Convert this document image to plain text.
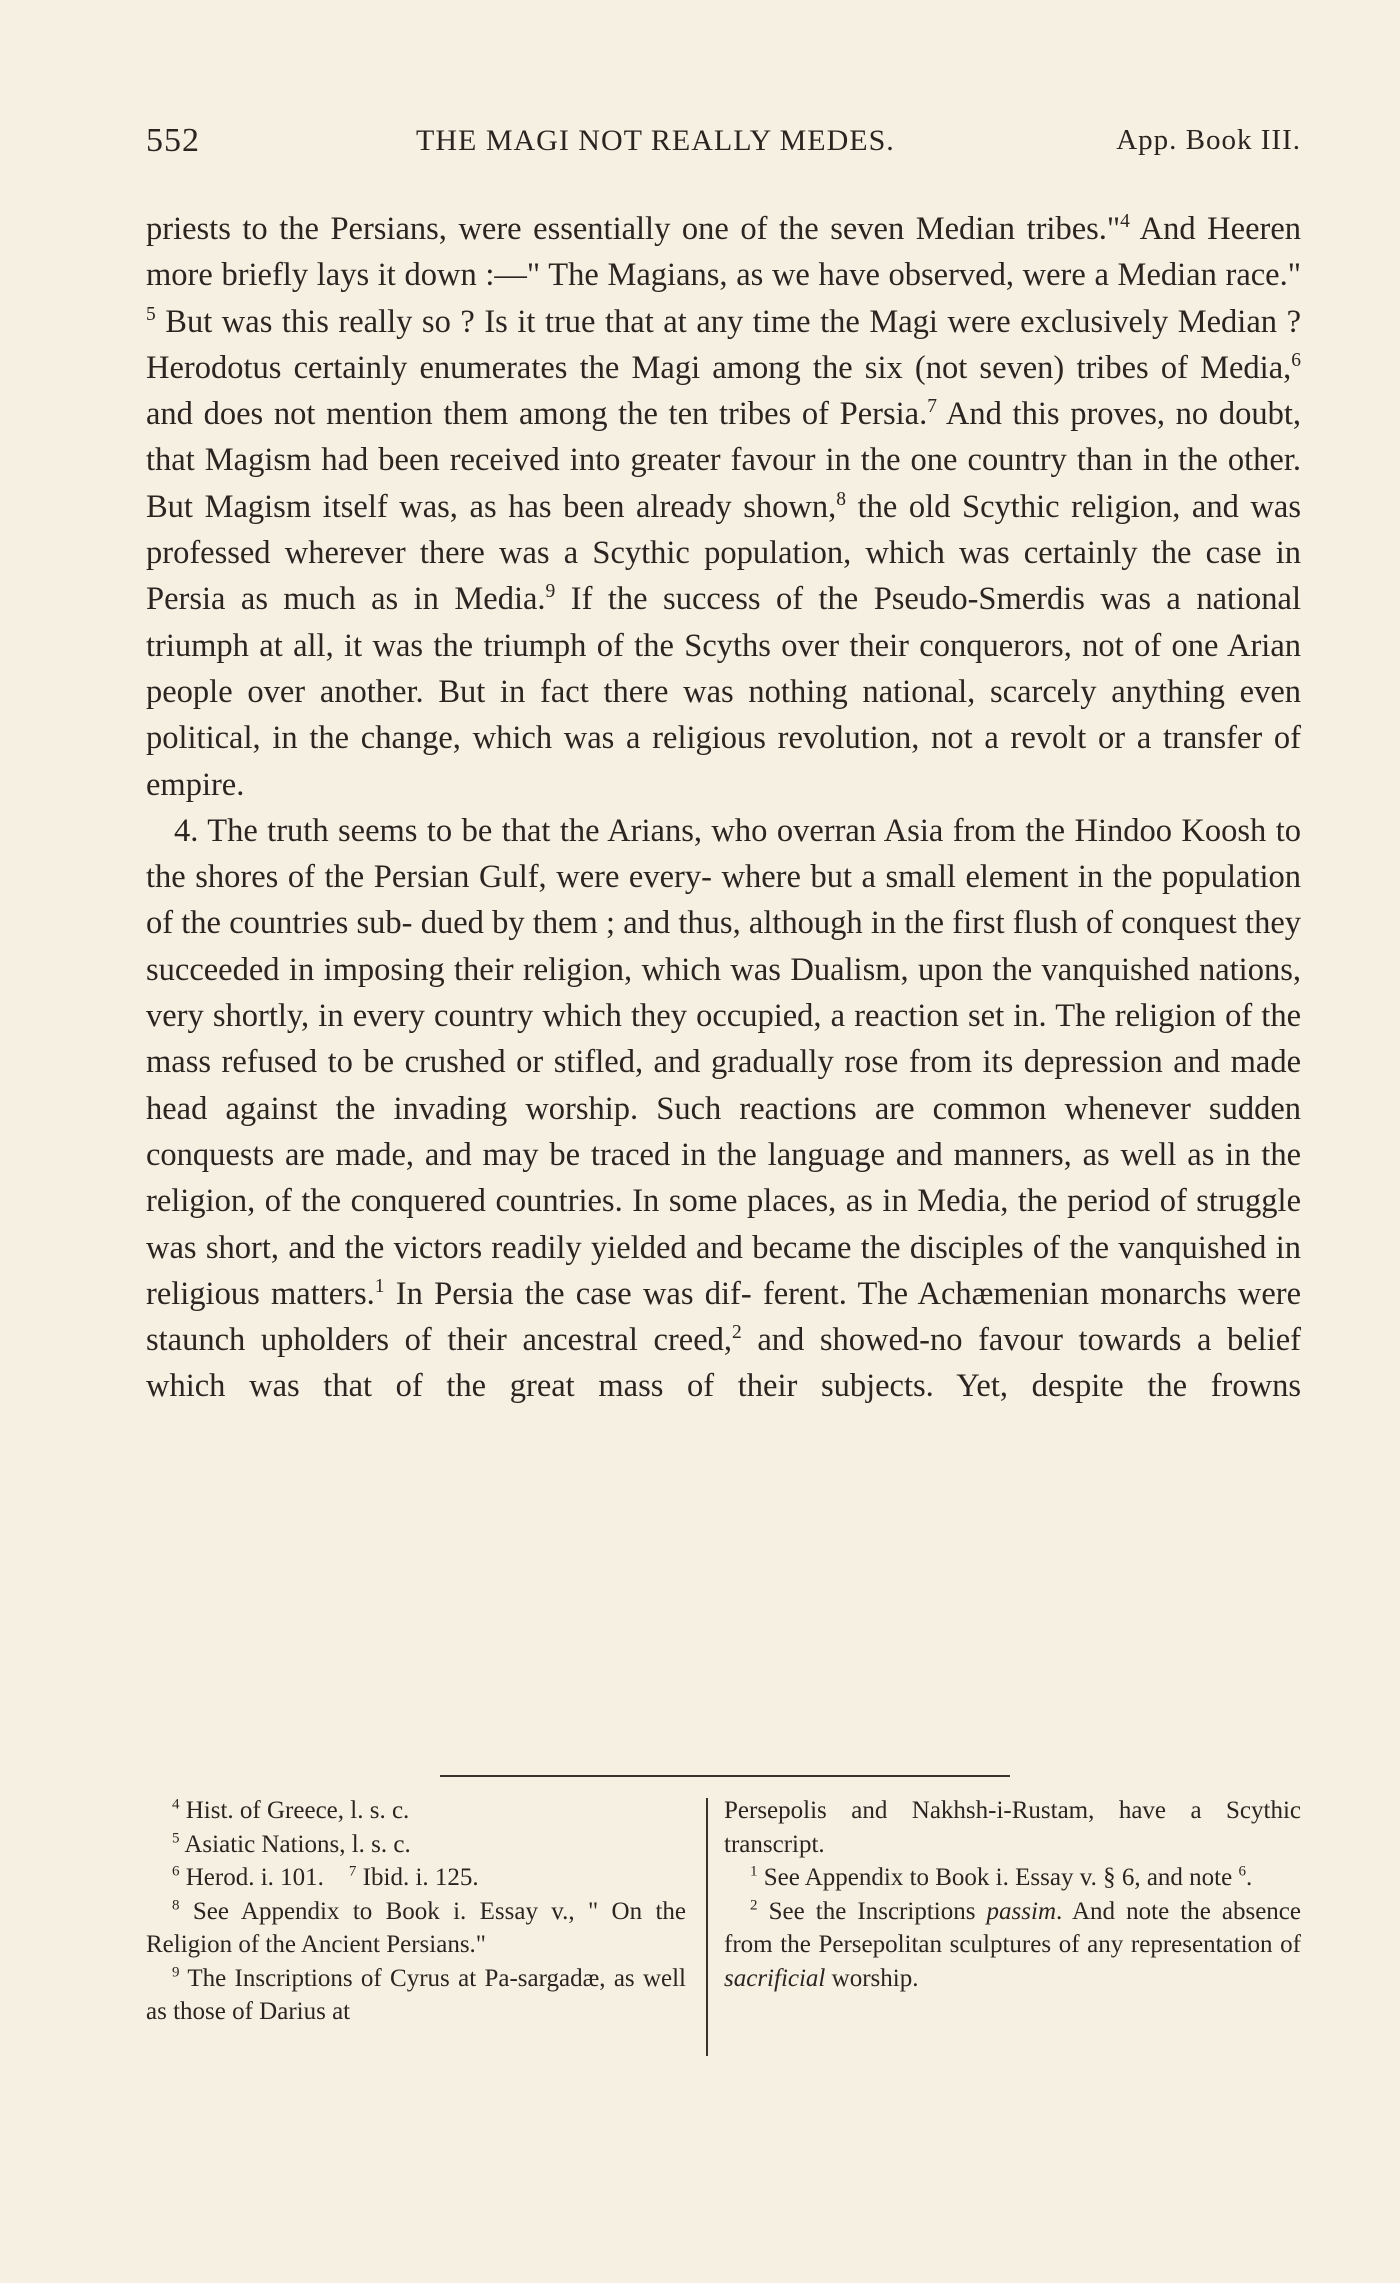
552	THE MAGI NOT REALLY MEDES.	App. Book III.

priests to the Persians, were essentially one of the seven Median tribes."$^4$ And Heeren more briefly lays it down :—" The Magians, as we have observed, were a Median race." $^5$ But was this really so ? Is it true that at any time the Magi were exclusively Median ? Herodotus certainly enumerates the Magi among the six (not seven) tribes of Media,$^6$ and does not mention them among the ten tribes of Persia.$^7$ And this proves, no doubt, that Magism had been received into greater favour in the one country than in the other. But Magism itself was, as has been already shown,$^8$ the old Scythic religion, and was professed wherever there was a Scythic population, which was certainly the case in Persia as much as in Media.$^9$ If the success of the Pseudo-Smerdis was a national triumph at all, it was the triumph of the Scyths over their conquerors, not of one Arian people over another. But in fact there was nothing national, scarcely anything even political, in the change, which was a religious revolution, not a revolt or a transfer of empire.

4. The truth seems to be that the Arians, who overran Asia from the Hindoo Koosh to the shores of the Persian Gulf, were every- where but a small element in the population of the countries sub- dued by them ; and thus, although in the first flush of conquest they succeeded in imposing their religion, which was Dualism, upon the vanquished nations, very shortly, in every country which they occupied, a reaction set in. The religion of the mass refused to be crushed or stifled, and gradually rose from its depression and made head against the invading worship. Such reactions are common whenever sudden conquests are made, and may be traced in the language and manners, as well as in the religion, of the conquered countries. In some places, as in Media, the period of struggle was short, and the victors readily yielded and became the disciples of the vanquished in religious matters.$^1$ In Persia the case was dif- ferent. The Achæmenian monarchs were staunch upholders of their ancestral creed,$^2$ and showed-no favour towards a belief which was that of the great mass of their subjects. Yet, despite the frowns

$^4$ Hist. of Greece, l. s. c.

$^5$ Asiatic Nations, l. s. c.

$^6$ Herod. i. 101. $^7$ Ibid. i. 125.

$^8$ See Appendix to Book i. Essay v., " On the Religion of the Ancient Persians."

$^9$ The Inscriptions of Cyrus at Pa-sargadæ, as well as those of Darius at

Persepolis and Nakhsh-i-Rustam, have a Scythic transcript.

$^1$ See Appendix to Book i. Essay v. § 6, and note $^6$.

$^2$ See the Inscriptions passim. And note the absence from the Persepolitan sculptures of any representation of sacrificial worship.
